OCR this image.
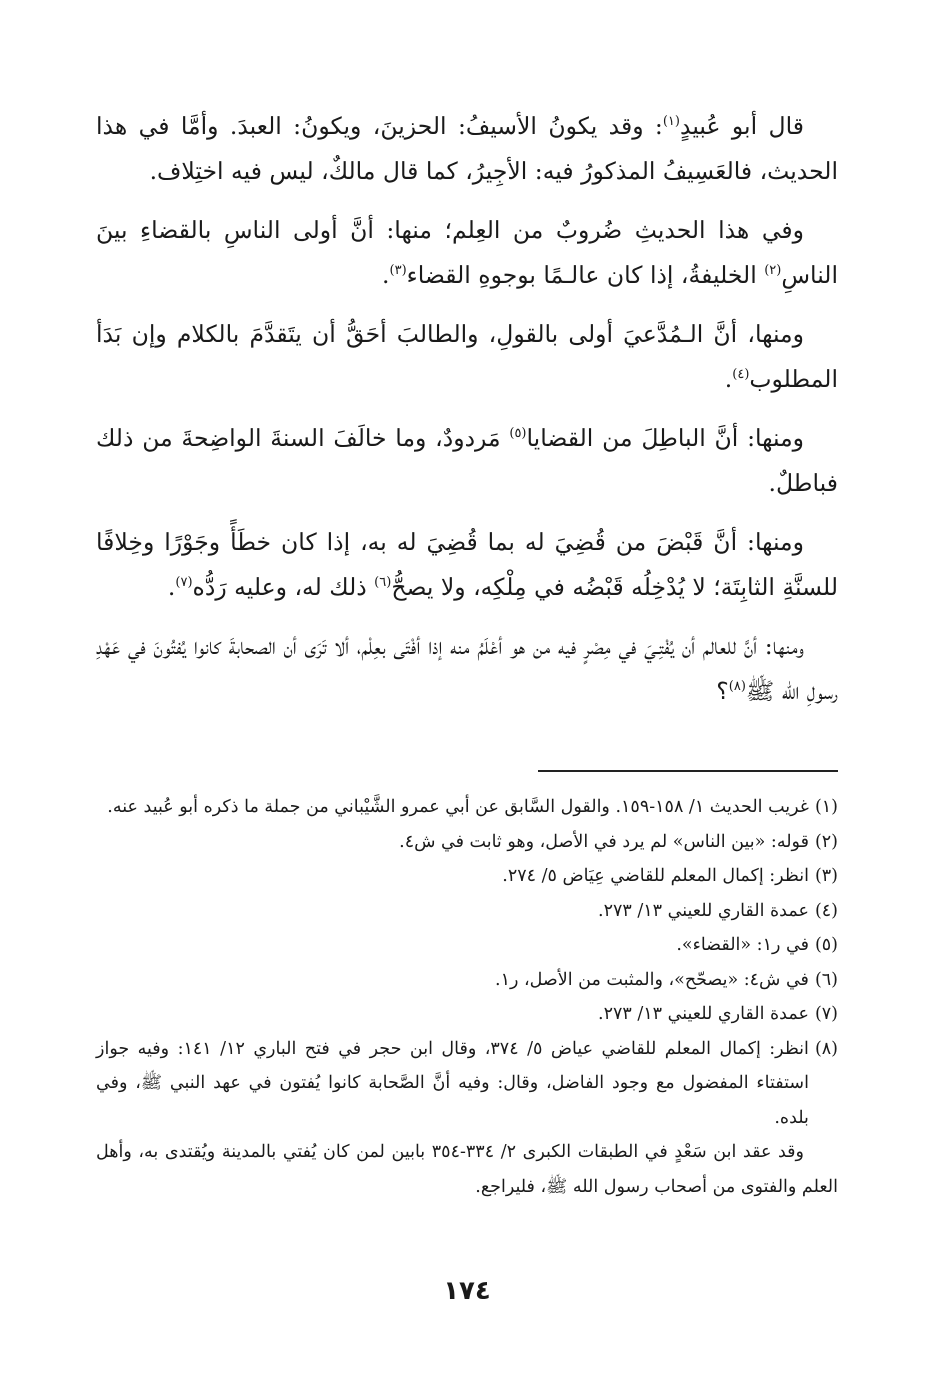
قال أبو عُبيدٍ$^{(١)}$: وقد يكونُ الأسيفُ: الحزينَ، ويكونُ: العبدَ. وأمَّا في هذا الحديث، فالعَسِيفُ المذكورُ فيه: الأجِيرُ، كما قال مالكٌ، ليس فيه اختِلاف.

وفي هذا الحديثِ ضُروبٌ من العِلم؛ منها: أنَّ أولى الناسِ بالقضاءِ بينَ الناسِ$^{(٢)}$ الخليفةُ، إذا كان عالـمًا بوجوهِ القضاء$^{(٣)}$.

ومنها، أنَّ الـمُدَّعيَ أولى بالقولِ، والطالبَ أحَقُّ أن يتَقدَّمَ بالكلام وإن بَدَأ المطلوب$^{(٤)}$.

ومنها: أنَّ الباطِلَ من القضايا$^{(٥)}$ مَردودٌ، وما خالَفَ السنةَ الواضِحةَ من ذلك فباطلٌ.

ومنها: أنَّ قَبْضَ من قُضِيَ له بما قُضِيَ له به، إذا كان خطَأً وجَوْرًا وخِلافًا للسنَّةِ الثابِتَة؛ لا يُدْخِلُه قَبْضُه في مِلْكِه، ولا يصحُّ$^{(٦)}$ ذلك له، وعليه رَدُّه$^{(٧)}$.

ومنها: أنَّ للعالم أن يُفْتِـيَ في مِصْرٍ فيه من هو أعْلَمُ منه إذا أفْتَى بعِلْم، ألا تَرَى أن الصحابةَ كانوا يُفتُونَ في عَهْدِ رسولِ الله ﷺ$^{(٨)}$؟

(١)
غريب الحديث ١/ ١٥٨-١٥٩. والقول السَّابق عن أبي عمرو الشَّيْباني من جملة ما ذكره أبو عُبيد عنه.
(٢)
قوله: «بين الناس» لم يرد في الأصل، وهو ثابت في ش٤.
(٣)
انظر: إكمال المعلم للقاضي عِيَاض ٥/ ٢٧٤.
(٤)
عمدة القاري للعيني ١٣/ ٢٧٣.
(٥)
في ر١: «القضاء».
(٦)
في ش٤: «يصحّح»، والمثبت من الأصل، ر١.
(٧)
عمدة القاري للعيني ١٣/ ٢٧٣.
(٨)
انظر: إكمال المعلم للقاضي عياض ٥/ ٣٧٤، وقال ابن حجر في فتح الباري ١٢/ ١٤١: وفيه جواز استفتاء المفضول مع وجود الفاضل، وقال: وفيه أنَّ الصَّحابة كانوا يُفتون في عهد النبي ﷺ، وفي بلده.
وقد عقد ابن سَعْدٍ في الطبقات الكبرى ٢/ ٣٣٤-٣٥٤ بابين لمن كان يُفتي بالمدينة ويُقتدى به، وأهل العلم والفتوى من أصحاب رسول الله ﷺ، فليراجع.
١٧٤
